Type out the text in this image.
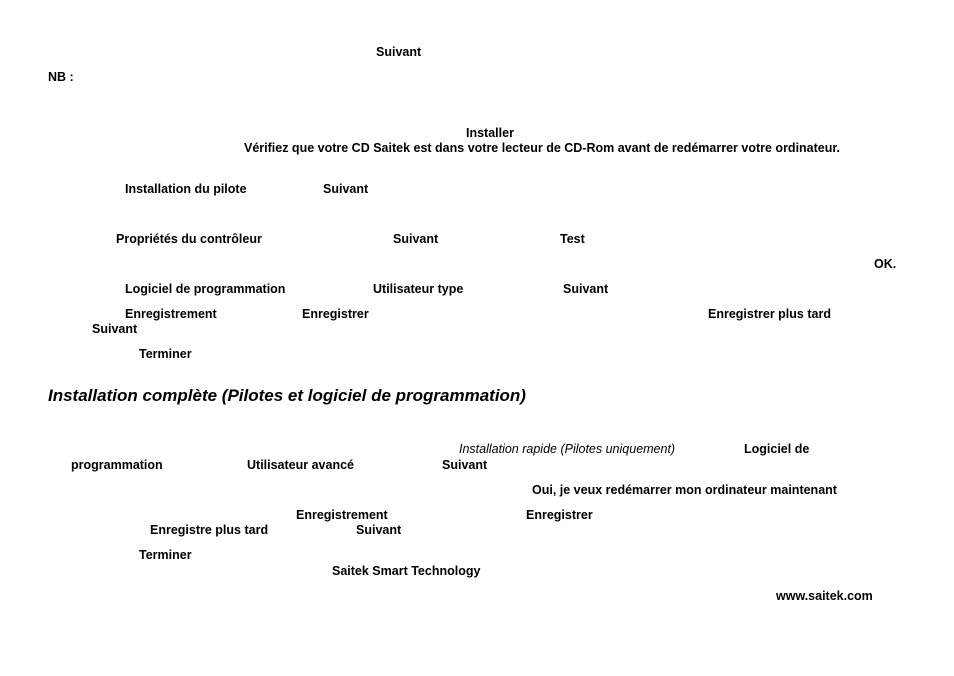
Suivant
NB :
Installer
Vérifiez que votre CD Saitek est dans votre lecteur de CD-Rom avant de redémarrer votre ordinateur.
Installation du pilote	Suivant
Propriétés du contrôleur	Suivant	Test
OK.
Logiciel de programmation	Utilisateur type	Suivant
Enregistrement	Enregistrer	Enregistrer plus tard
Suivant
Terminer
Installation complète (Pilotes et logiciel de programmation)
Installation rapide (Pilotes uniquement)	Logiciel de
programmation	Utilisateur avancé	Suivant
Oui, je veux redémarrer mon ordinateur maintenant
Enregistrement	Enregistrer
Enregistre plus tard	Suivant
Terminer
Saitek Smart Technology
www.saitek.com
